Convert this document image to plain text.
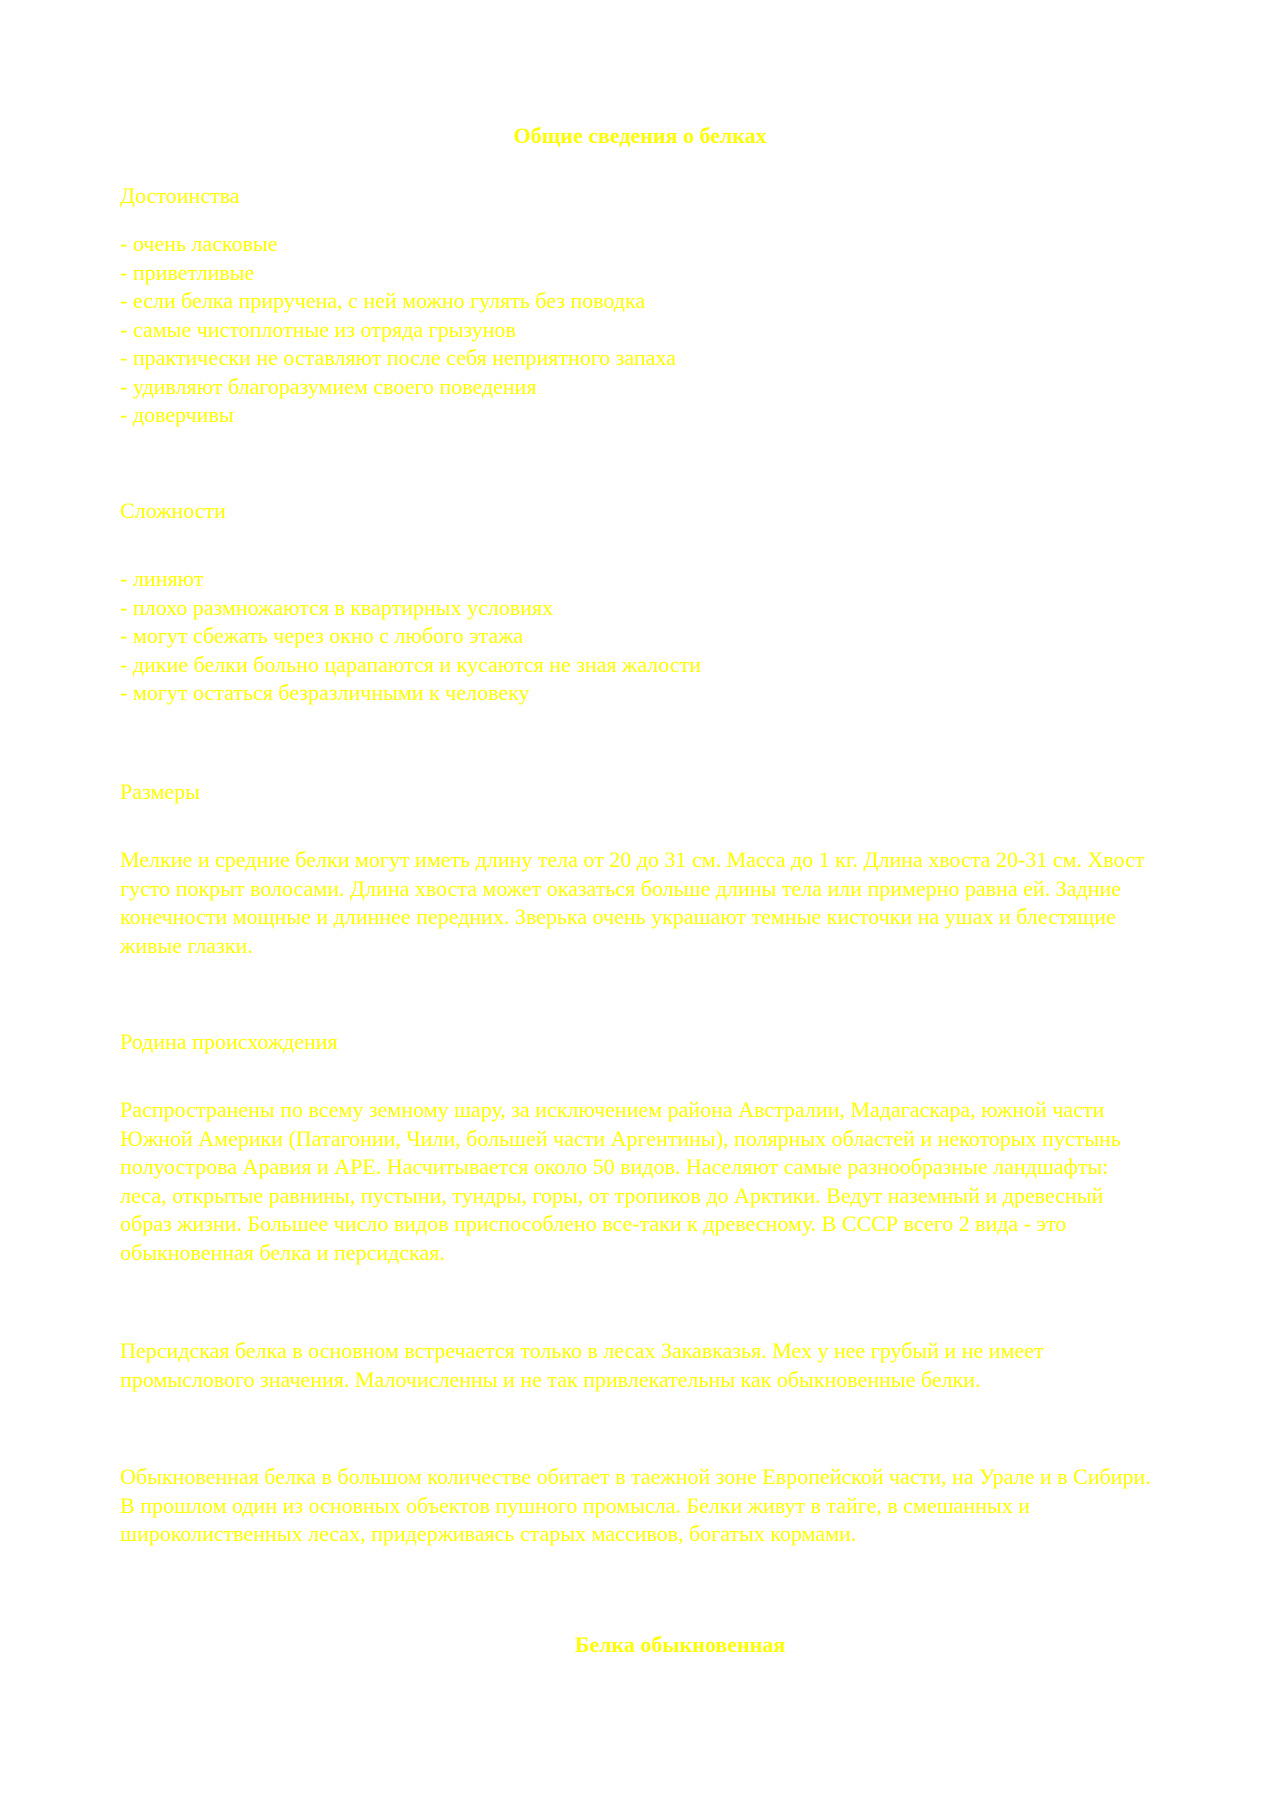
Общие сведения о белках
Достоинства
- очень ласковые
- приветливые
- если белка приручена, с ней можно гулять без поводка
- самые чистоплотные из отряда грызунов
- практически не оставляют после себя неприятного запаха
- удивляют благоразумием своего поведения
- доверчивы
Сложности
- линяют
- плохо размножаются в квартирных условиях
- могут сбежать через окно с любого этажа
- дикие белки больно царапаются и кусаются не зная жалости
- могут остаться безразличными к человеку
Размеры

Мелкие и средние белки могут иметь длину тела от 20 до 31 см. Масса до 1 кг. Длина хвоста 20-31 см. Хвост густо покрыт волосами. Длина хвоста может оказаться больше длины тела или примерно равна ей. Задние конечности мощные и длиннее передних. Зверька очень украшают темные кисточки на ушах и блестящие живые глазки.

Родина происхождения

Распространены по всему земному шару, за исключением района Австралии, Мадагаскара, южной части Южной Америки (Патагонии, Чили, большей части Аргентины), полярных областей и некоторых пустынь полуострова Аравия и АРЕ. Насчитывается около 50 видов. Населяют самые разнообразные ландшафты: леса, открытые равнины, пустыни, тундры, горы, от тропиков до Арктики. Ведут наземный и древесный образ жизни. Большее число видов приспособлено все-таки к древесному. В СССР всего 2 вида - это обыкновенная белка и персидская.

Персидская белка в основном встречается только в лесах Закавказья. Мех у нее грубый и не имеет промыслового значения. Малочисленны и не так привлекательны как обыкновенные белки.

Обыкновенная белка в большом количестве обитает в таежной зоне Европейской части, на Урале и в Сибири. В прошлом один из основных объектов пушного промысла. Белки живут в тайге, в смешанных и широколиственных лесах, придерживаясь старых массивов, богатых кормами.

Белка обыкновенная
